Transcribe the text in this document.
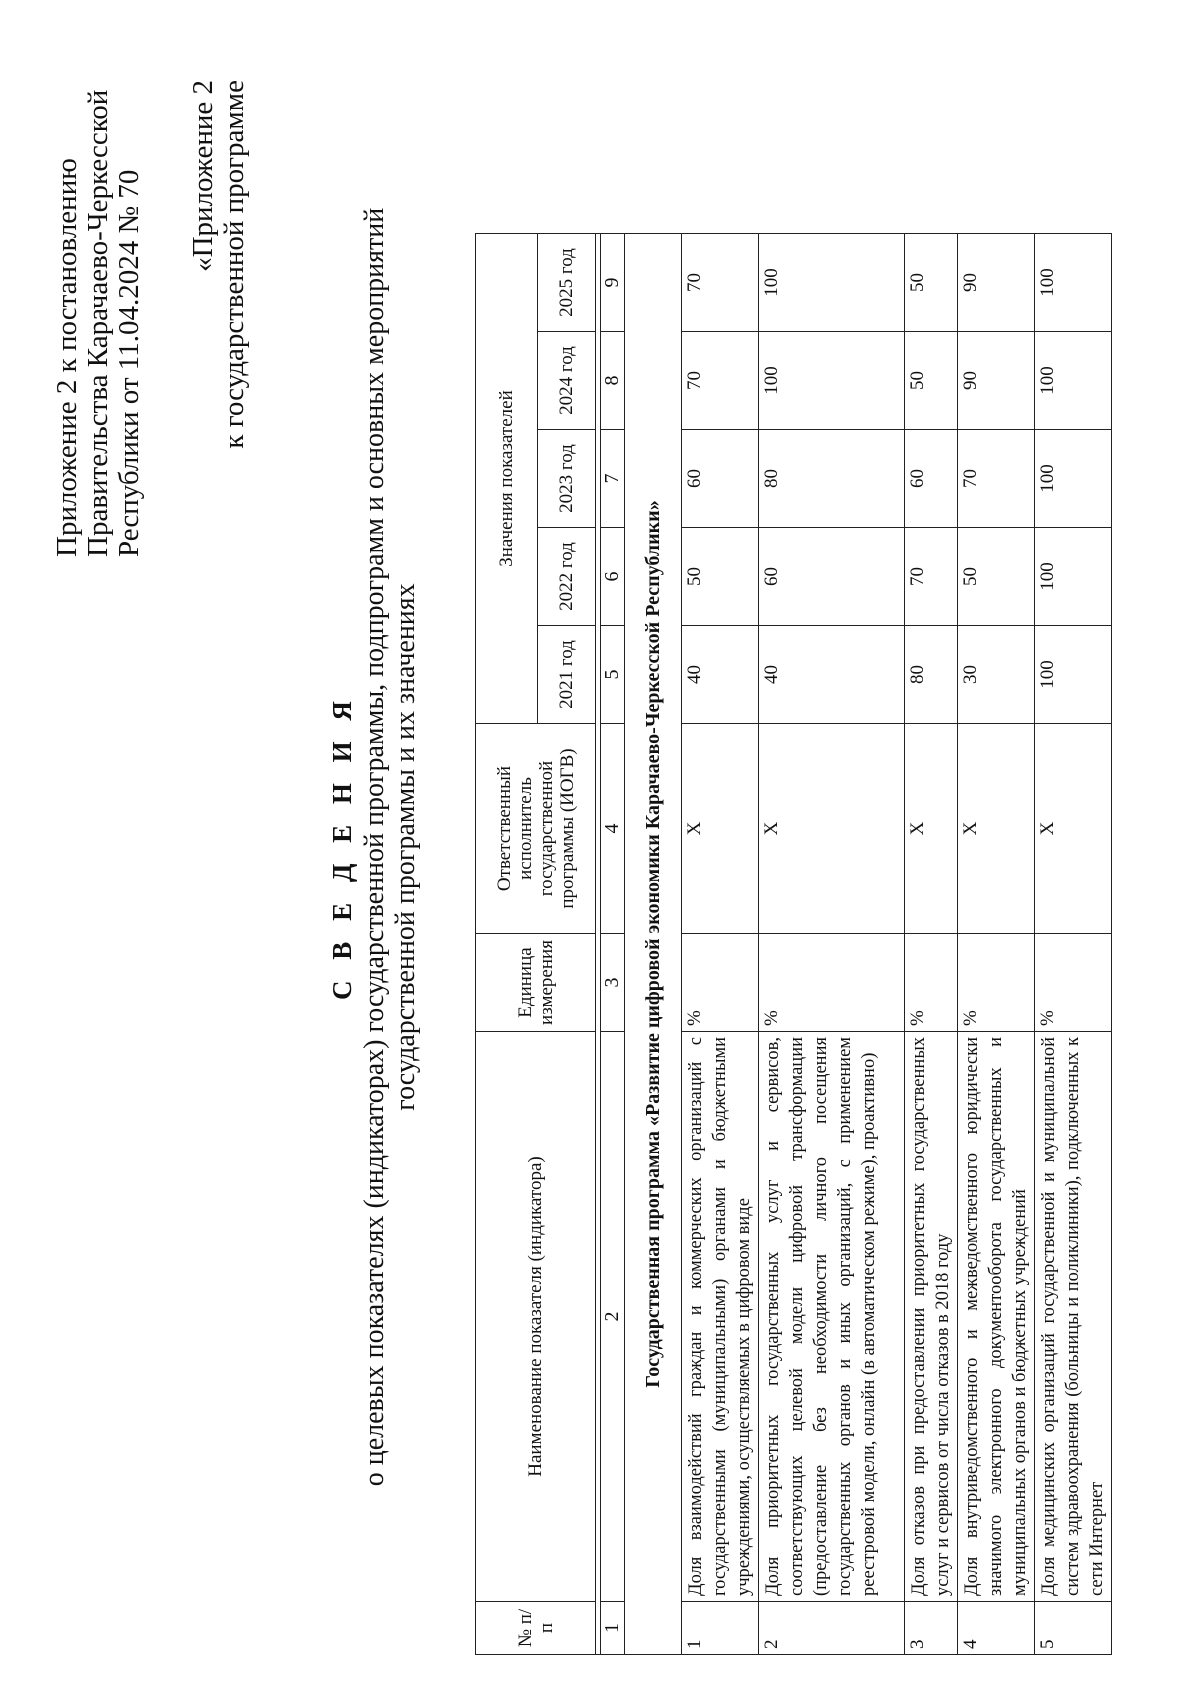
Приложение 2 к постановлению Правительства Карачаево-Черкесской Республики от 11.04.2024 № 70 «Приложение 2 к государственной программе
С В Е Д Е Н И Я о целевых показателях (индикаторах) государственной программы, подпрограмм и основных мероприятий государственной программы и их значениях
№ п/п	Наименование показателя (индикатора)	Единица измерения	Ответственный исполнитель государственной программы (ИОГВ)	Значения показателей				
				2021 год	2022 год	2023 год	2024 год	2025 год

1	2	3	4	5	6	7	8	9
Государственная программа «Развитие цифровой экономики Карачаево-Черкесской Республики»								
1	Доля взаимодействий граждан и коммерческих организаций с государственными (муниципальными) органами и бюджетными учреждениями, осуществляемых в цифровом виде	%	Х	40	50	60	70	70
2	Доля приоритетных государственных услуг и сервисов, соответствующих целевой модели цифровой трансформации (предоставление без необходимости личного посещения государственных органов и иных организаций, с применением реестровой модели, онлайн (в автоматическом режиме), проактивно)	%	Х	40	60	80	100	100
3	Доля отказов при предоставлении приоритетных государственных услуг и сервисов от числа отказов в 2018 году	%	Х	80	70	60	50	50
4	Доля внутриведомственного и межведомственного юридически значимого электронного документооборота государственных и муниципальных органов и бюджетных учреждений	%	Х	30	50	70	90	90
5	Доля медицинских организаций государственной и муниципальной систем здравоохранения (больницы и поликлиники), подключенных к сети Интернет	%	Х	100	100	100	100	100
